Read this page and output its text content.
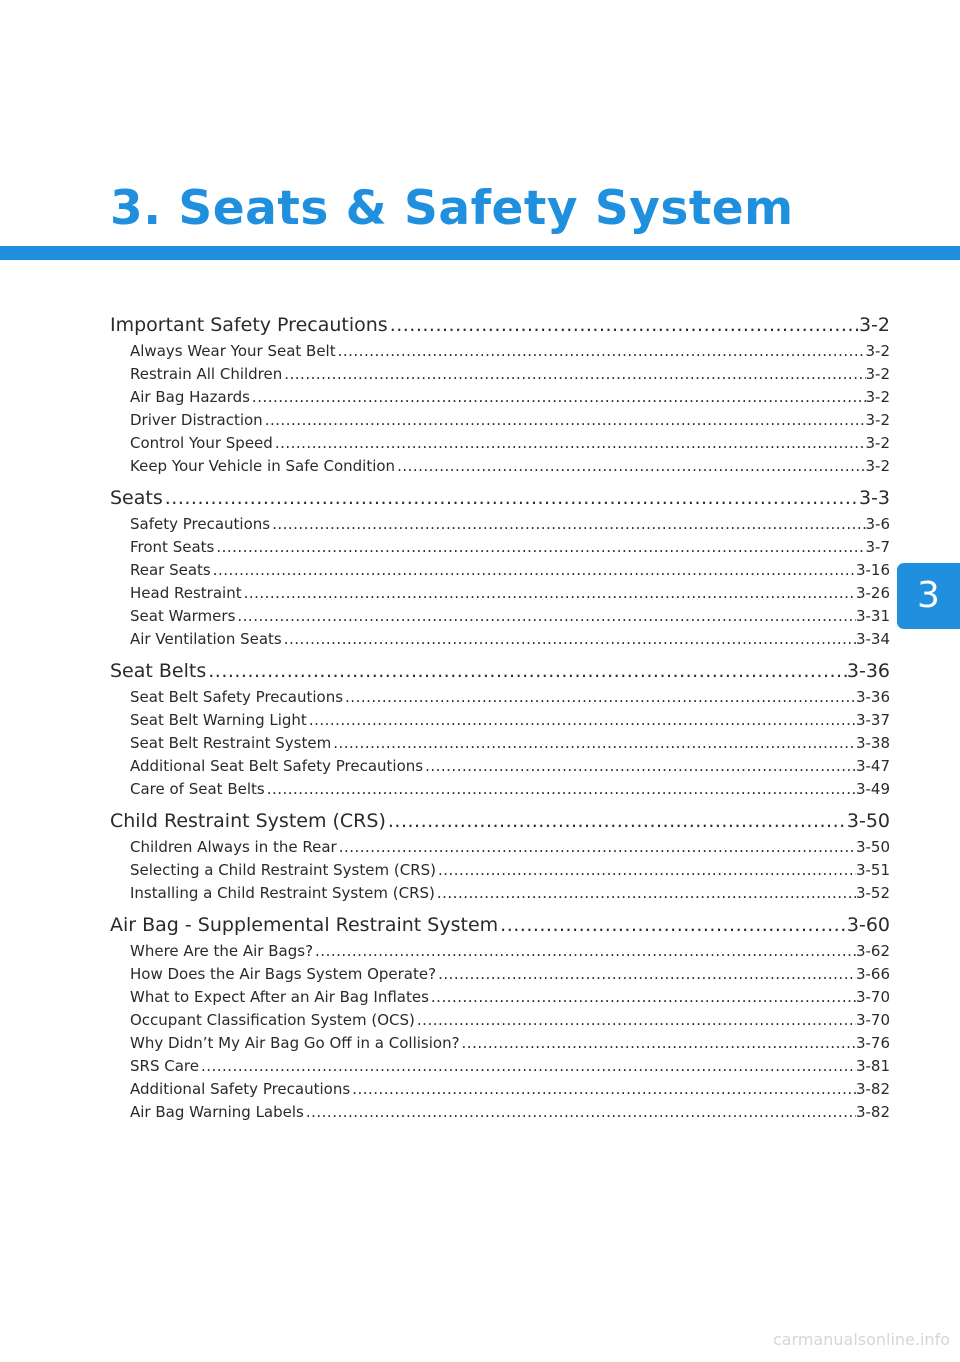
3. Seats & Safety System
3
Important Safety Precautions .....	3-2
Always Wear Your Seat Belt .....	3-2
Restrain All Children .....	3-2
Air Bag Hazards .....	3-2
Driver Distraction .....	3-2
Control Your Speed .....	3-2
Keep Your Vehicle in Safe Condition .....	3-2
Seats .....	3-3
Safety Precautions .....	3-6
Front Seats .....	3-7
Rear Seats .....	3-16
Head Restraint .....	3-26
Seat Warmers .....	3-31
Air Ventilation Seats .....	3-34
Seat Belts .....	3-36
Seat Belt Safety Precautions .....	3-36
Seat Belt Warning Light .....	3-37
Seat Belt Restraint System .....	3-38
Additional Seat Belt Safety Precautions .....	3-47
Care of Seat Belts .....	3-49
Child Restraint System (CRS) .....	3-50
Children Always in the Rear .....	3-50
Selecting a Child Restraint System (CRS) .....	3-51
Installing a Child Restraint System (CRS) .....	3-52
Air Bag - Supplemental Restraint System .....	3-60
Where Are the Air Bags? .....	3-62
How Does the Air Bags System Operate? .....	3-66
What to Expect After an Air Bag Inflates .....	3-70
Occupant Classification System (OCS) .....	3-70
Why Didn’t My Air Bag Go Off in a Collision? .....	3-76
SRS Care .....	3-81
Additional Safety Precautions .....	3-82
Air Bag Warning Labels .....	3-82
carmanualsonline.info
